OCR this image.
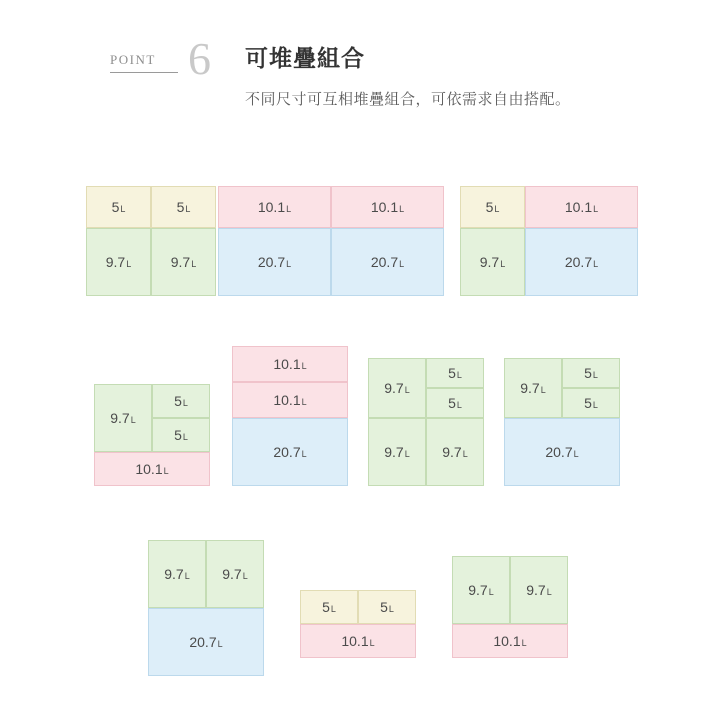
POINT 6 可堆疊組合
不同尺寸可互相堆疊組合，可依需求自由搭配。
5L	5L
9.7L	9.7L
10.1L	10.1L
20.7L	20.7L
5L	10.1L
9.7L	20.7L
9.7L
5L
5L
10.1L
10.1L
10.1L
20.7L
9.7L
5L
5L
9.7L 9.7L
9.7L
5L
5L
20.7L
9.7L 9.7L
20.7L
5L	5L
10.1L
9.7L 9.7L
10.1L
